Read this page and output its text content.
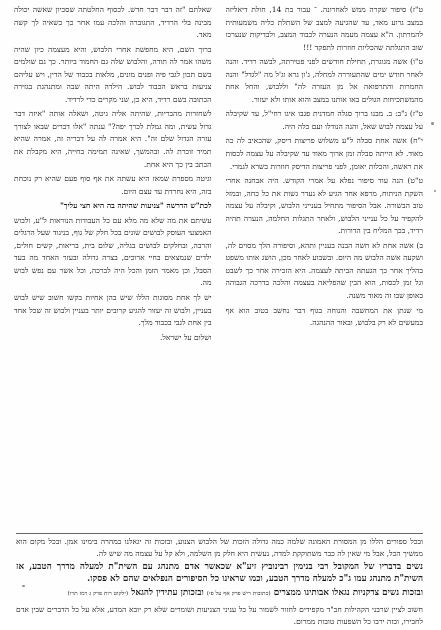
ט"ז) סיפור שקרה ממש לאחרונה. ־ עבור בת 14, חולת דיאליזה במצב גרוע מאד, עד שהגיעה למצב של השתלת כליה משמעותית להמרתון. ה"א עצמה מעמה הנערה לכבוד המצב, ולבדיקות שנערכו שוב התגלתה שהכליות חוזרות לתפקד !!!

ט"ו) אשה מגוגרת, תחילת חודשים לפני פטירתה, לבשה רדיד. והנה לאחר חודש ימים שהתעוררה למחלה, ג'ון גרא וג'ל מה "לגדל" והנה החמרות והתרפואה אל מן העזרה לה" וללבוש, והחל אחת מהמשתכיחות הגולים באו אותנו במצב והוא אותו ולא יעזור.

ט"ז) נ"ב: ב. מבנו ברוך סגלה חמדנית פגבו איגו רחי"ל, עד שקיבלה על עצמה לבוש שאל, והנה הנודלו ועם כלה היה.

י"ח) אשה אחת סבלה ל"ע משלוש פריצות דיסק, שהכאיב לה כה מאוד. לא הייתה סבלה זמן ארוך מאוד עד שקיבלה על עצמה לכסות את ראשה, והכלות יאומן, לפני פריצות הדיסק חוזרות בשרא לגמרי.

ט"ט) הנה עוד סיפור נפלא על אמרי הקודש. היה אבחנה אחרי השקת הניתוח, מרפא אחד הגיע לא נעדר גשות את כל כחה, ובמזל טוב הבשורה. אבל הסיפור מתחיל בענייני הלבוש, וקיבלה על עצמה להקפיד על כל ענייני הלבוש, ולאחר התגלות החלמה, הנערה תהיה רדיד, בכך המליח בין הדורות.

ב) אשה אחת לא חשה הבנה בעניין ותהא, וסיפורה הלך מסוים לה, ושקעה אשה הלבוש מה היום. ובשבוע לאחר מכן, הושג אותו משפט בהליך אחר כך הגעתה הביתה לעצמה. היא הזכירה אחר כך לשבט וגל זמן לכסות, הוא הבין שהפליאה בעצמה והלכה בדרכה הגבוהה באופן שבו זה מאוד משנה.

מי שנתן את המחשבה והנוחה בגוף דבר נחשב בטוב הוא אף במעשים לא רק בלבוש, ובאור ההנהגה.

שאלתם "זה דבר דבר חדש. לכסוף החלטתה שסכיון שאשה יכולה מבינה בלי הרדיד, התגוברה והלכה עמו אחר כך כשאיה לך קשה מאד.

ברוך השם, היא מחפשת אחרי הלבוש, והיא מעצמה כיון שהיה משהו אמר לה תודה, והלבוש שלה גם החמוד ביותר. כך גם שולמים בשם תכון לגבי פיה ופנים מונים, מלאות בכבוד של הדין, ויש עליהם צניעות בראש הכבוד לבוש. הילדה היתה שבה ומתנהגת בגזירה הכתובה בשם רדיד, היא כן, שני מקרים כדי לרדיד.

לשחזרות מהבריות, שהיתה אליה גיטה, ושאלה אותה "איזה דבר גדול עשית, ומה גמלת לכרך יפה?" ענתה "אלו דברים שבאו לצורך עזרה הגדול שלם זה". היא אמרה לה על דבריה זה, אמרה שהיא תמיד זוכרת לה. ובהמשך, שאינה תמימה בחייה, היא מקבלת את הכתב בין כך היא אחת.

וגיטה מספרת שמאז היא עשתה את אף סוף פעם שהיא רק נוכחת בזה, היא נחרדת עד עצם היום.

לכת"ש הדרשה "צניעות שהיתה בה היא חצי עליך"

עשיתם את מה שלא מה מלא עם כל העבודות הנוראות ל"ע, ולבוש האמצעי העוסק לבושים שונים בכל חלק של גוף, בניגוד שעל הרגלים והרבה, ובחלקים לבושים בגליה, שלום בית, בריאות, קשים חולים, ילדים שנמצאים בחיי ארוכים, בצרה גדולה ובעזר האחד מה בעד הסבל, וכן מאמר הזמן והכל היה לברכה, וכל אשר עם נפש לבוש מה.

יש לך אחת מסוגות הללו שיש בהן אחיות בקשו חשוב שיש לבוש בעניין, ולבוש זה יעזור להגיע קרובים יותר בעניין ולבוש זה שכל אחד בין אחת לגבי בכבוד מלך.

ושלום על ישראל.

ובכל ספורים הללו מן המסורת האמונה שלמה כמה גדולה הזכות של הלבוש הצנוע, ובזכות זה יגאלנו במהרה בימינו אמן. ובכל מקום הוא ממשיך הכל, אבל מי שאין לה כבר משתוקקת למדה, נעשית היא חלק מן השלמה, ולא קל על עצמה מה שיש לה.

נשים בדבריו של המקובל רבי בנימין רבינוביץ זיע"א שכאשר אדם מתנהג עם השית"ת למעלה מדרך הטבע, אז השית"ת מתנהג עמו ג"כ למעלה מדרך הטבע, וכמו שראינו כל הסיפורים הנפלאים שהם לא פסקו.

ובזכות נשים צדקניות נגאלו אבותינו ממצרים (כתובות ריש פרק אף על פי) ובזכותן עתידין להגאל (ילקוט רות פרק ג רמז תרו)

חשוב לציין שרבני הקהילות חב"ד מקפידים לחזור לשמור על כל עניני הצניעות ושומרים שלא רק יובא המדע, אלא על כל הדברים שבין אדם לחבירו, ובזה ירבו כל השפעות טובות ממרום.
